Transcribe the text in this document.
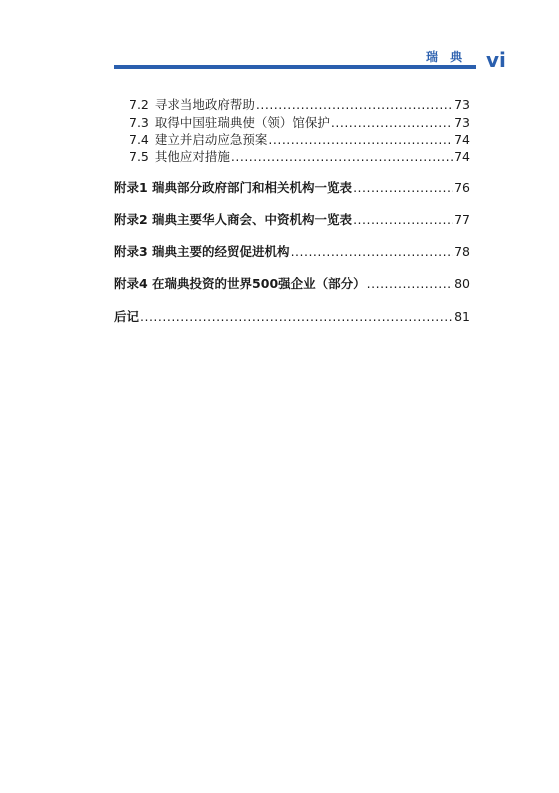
瑞 典 vi
7.2 寻求当地政府帮助 .....	73
7.3 取得中国驻瑞典使（领）馆保护 .....	73
7.4 建立并启动应急预案 .....	74
7.5 其他应对措施 .....	74
附录1 瑞典部分政府部门和相关机构一览表 .....	76
附录2 瑞典主要华人商会、中资机构一览表 .....	77
附录3 瑞典主要的经贸促进机构 .....	78
附录4 在瑞典投资的世界500强企业（部分） .....	80
后记 .....	81
